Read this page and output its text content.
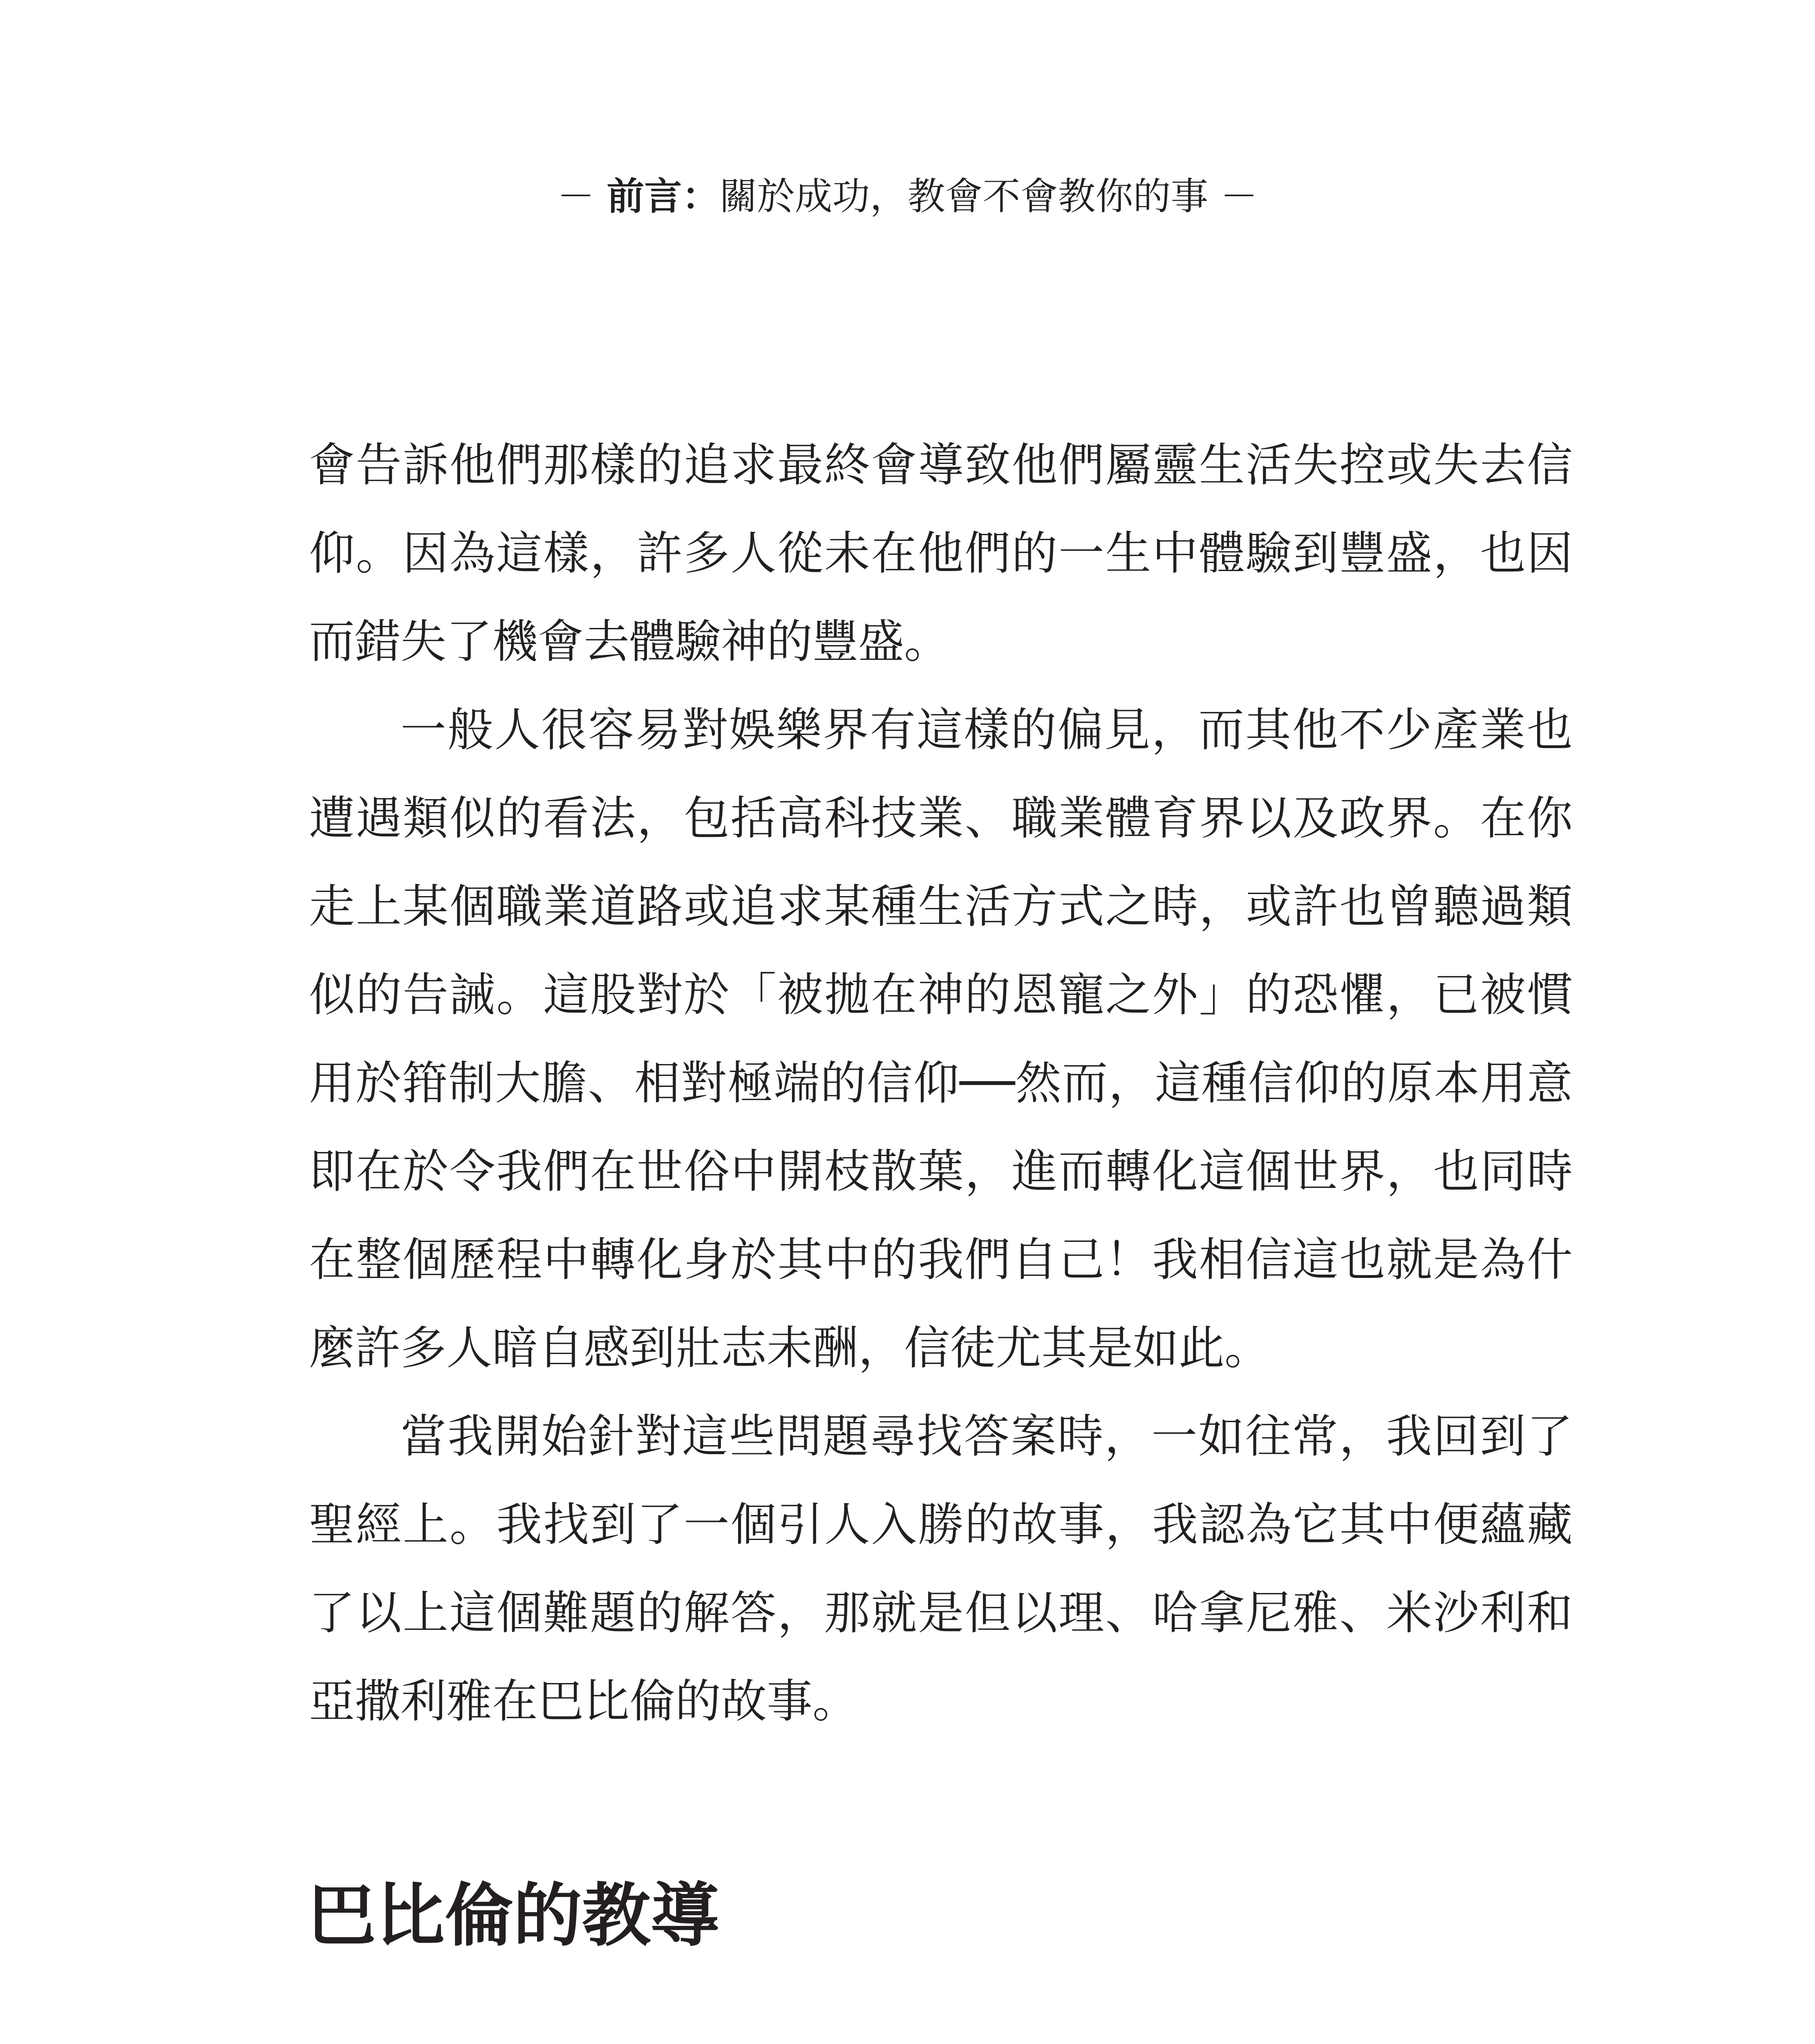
－ 前言：關於成功，教會不會教你的事 －

會告訴他們那樣的追求最終會導致他們屬靈生活失控或失去信仰。因為這樣，許多人從未在他們的一生中體驗到豐盛，也因而錯失了機會去體驗神的豐盛。

一般人很容易對娛樂界有這樣的偏見，而其他不少產業也遭遇類似的看法，包括高科技業、職業體育界以及政界。在你走上某個職業道路或追求某種生活方式之時，或許也曾聽過類似的告誡。這股對於「被拋在神的恩寵之外」的恐懼，已被慣用於箝制大膽、相對極端的信仰──然而，這種信仰的原本用意即在於令我們在世俗中開枝散葉，進而轉化這個世界，也同時在整個歷程中轉化身於其中的我們自己！我相信這也就是為什麼許多人暗自感到壯志未酬，信徒尤其是如此。

當我開始針對這些問題尋找答案時，一如往常，我回到了聖經上。我找到了一個引人入勝的故事，我認為它其中便蘊藏了以上這個難題的解答，那就是但以理、哈拿尼雅、米沙利和亞撒利雅在巴比倫的故事。

巴比倫的教導
